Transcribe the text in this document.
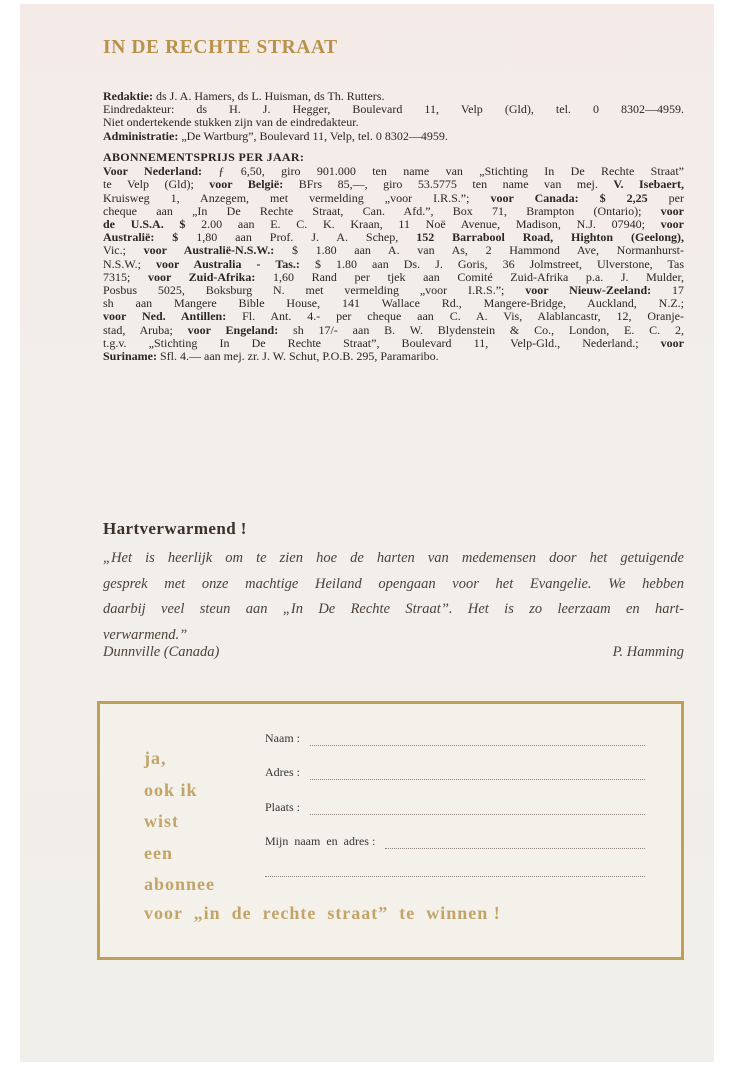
IN DE RECHTE STRAAT
Redaktie: ds J. A. Hamers, ds L. Huisman, ds Th. Rutters.
Eindredakteur: ds H. J. Hegger, Boulevard 11, Velp (Gld), tel. 0 8302—4959.
Niet ondertekende stukken zijn van de eindredakteur.
Administratie: „De Wartburg”, Boulevard 11, Velp, tel. 0 8302—4959.
ABONNEMENTSPRIJS PER JAAR:
Voor Nederland: ƒ 6,50, giro 901.000 ten name van „Stichting In De Rechte Straat”
te Velp (Gld); voor België: BFrs 85,—, giro 53.5775 ten name van mej. V. Isebaert,
Kruisweg 1, Anzegem, met vermelding „voor I.R.S.”; voor Canada: $ 2,25 per
cheque aan „In De Rechte Straat, Can. Afd.”, Box 71, Brampton (Ontario); voor
de U.S.A. $ 2.00 aan E. C. K. Kraan, 11 Noë Avenue, Madison, N.J. 07940; voor
Australië: $ 1,80 aan Prof. J. A. Schep, 152 Barrabool Road, Highton (Geelong),
Vic.; voor Australië-N.S.W.: $ 1.80 aan A. van As, 2 Hammond Ave, Normanhurst-
N.S.W.; voor Australia - Tas.: $ 1.80 aan Ds. J. Goris, 36 Jolmstreet, Ulverstone, Tas
7315; voor Zuid-Afrika: 1,60 Rand per tjek aan Comité Zuid-Afrika p.a. J. Mulder,
Posbus 5025, Boksburg N. met vermelding „voor I.R.S.”; voor Nieuw-Zeeland: 17
sh aan Mangere Bible House, 141 Wallace Rd., Mangere-Bridge, Auckland, N.Z.;
voor Ned. Antillen: Fl. Ant. 4.- per cheque aan C. A. Vis, Alablancastr, 12, Oranje-
stad, Aruba; voor Engeland: sh 17/- aan B. W. Blydenstein & Co., London, E. C. 2,
t.g.v. „Stichting In De Rechte Straat”, Boulevard 11, Velp-Gld., Nederland.; voor
Suriname: Sfl. 4.— aan mej. zr. J. W. Schut, P.O.B. 295, Paramaribo.
Hartverwarmend !
„Het is heerlijk om te zien hoe de harten van medemensen door het getuigende
gesprek met onze machtige Heiland opengaan voor het Evangelie. We hebben
daarbij veel steun aan „In De Rechte Straat”. Het is zo leerzaam en hart-
verwarmend.”
Dunnville (Canada)	P. Hamming
ja,
ook ik
wist
een
abonnee
voor  „in  de  rechte  straat”  te  winnen !
Naam :
Adres :
Plaats :
Mijn  naam  en  adres :
